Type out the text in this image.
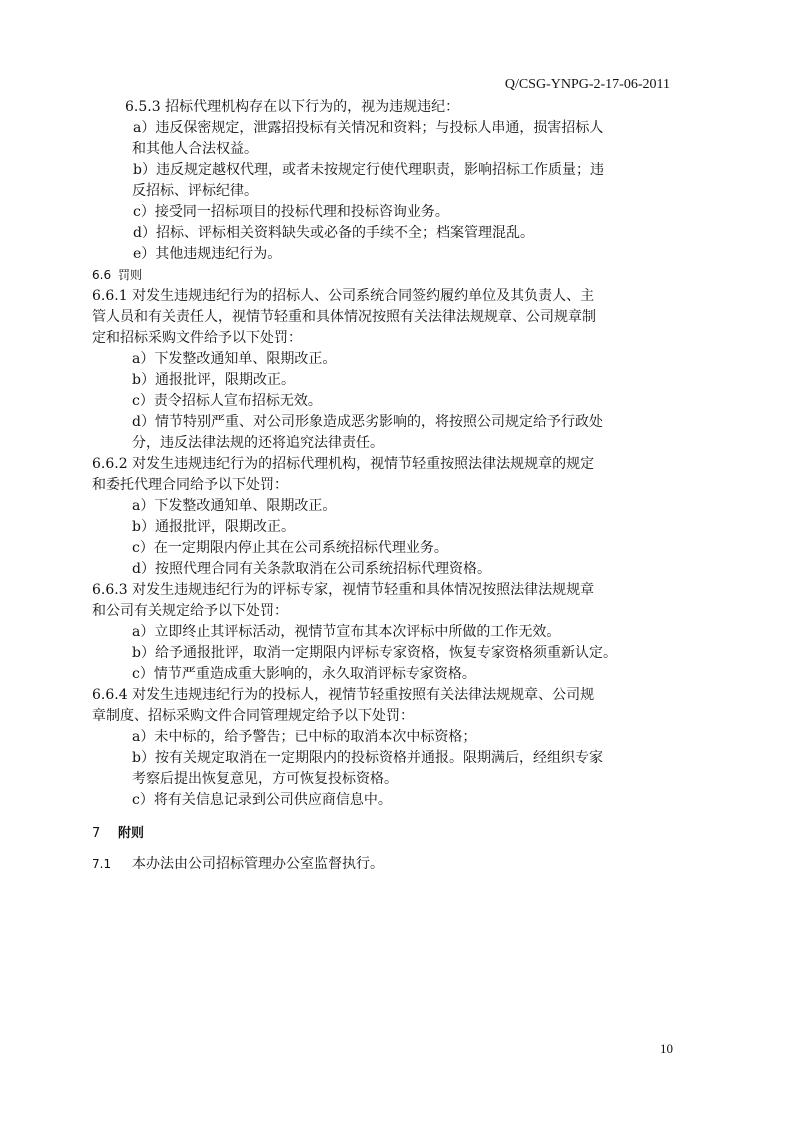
Q/CSG-YNPG-2-17-06-2011

6.5.3 招标代理机构存在以下行为的，视为违规违纪：

a）违反保密规定，泄露招投标有关情况和资料；与投标人串通，损害招标人

和其他人合法权益。

b）违反规定越权代理，或者未按规定行使代理职责，影响招标工作质量；违

反招标、评标纪律。

c）接受同一招标项目的投标代理和投标咨询业务。

d）招标、评标相关资料缺失或必备的手续不全；档案管理混乱。

e）其他违规违纪行为。

6.6 罚则

6.6.1 对发生违规违纪行为的招标人、公司系统合同签约履约单位及其负责人、主

管人员和有关责任人，视情节轻重和具体情况按照有关法律法规规章、公司规章制

定和招标采购文件给予以下处罚：

a）下发整改通知单、限期改正。

b）通报批评，限期改正。

c）责令招标人宣布招标无效。

d）情节特别严重、对公司形象造成恶劣影响的，将按照公司规定给予行政处

分，违反法律法规的还将追究法律责任。

6.6.2 对发生违规违纪行为的招标代理机构，视情节轻重按照法律法规规章的规定

和委托代理合同给予以下处罚：

a）下发整改通知单、限期改正。

b）通报批评，限期改正。

c）在一定期限内停止其在公司系统招标代理业务。

d）按照代理合同有关条款取消在公司系统招标代理资格。

6.6.3 对发生违规违纪行为的评标专家，视情节轻重和具体情况按照法律法规规章

和公司有关规定给予以下处罚：

a）立即终止其评标活动，视情节宣布其本次评标中所做的工作无效。

b）给予通报批评，取消一定期限内评标专家资格，恢复专家资格须重新认定。

c）情节严重造成重大影响的，永久取消评标专家资格。

6.6.4 对发生违规违纪行为的投标人，视情节轻重按照有关法律法规规章、公司规

章制度、招标采购文件合同管理规定给予以下处罚：

a）未中标的，给予警告；已中标的取消本次中标资格；

b）按有关规定取消在一定期限内的投标资格并通报。限期满后，经组织专家

考察后提出恢复意见，方可恢复投标资格。

c）将有关信息记录到公司供应商信息中。

7 附则

7.1 本办法由公司招标管理办公室监督执行。

10
